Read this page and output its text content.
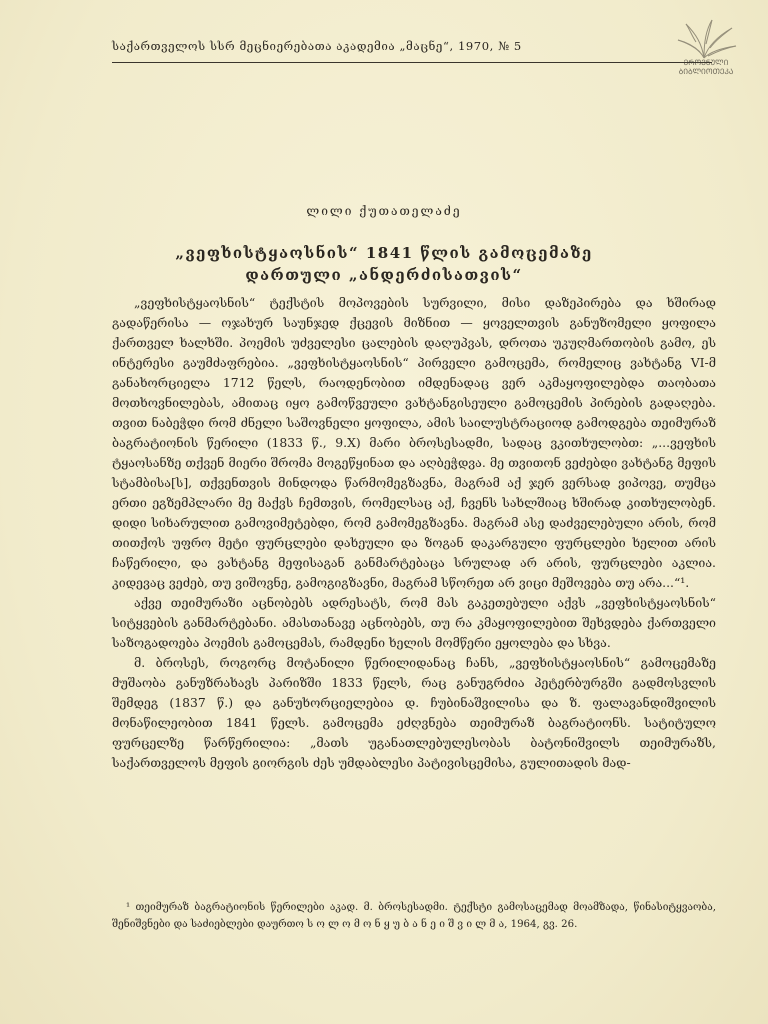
საქართველოს სსრ მეცნიერებათა აკადემია „მაცნე“, 1970, № 5
ᲔᲠᲝᲕᲜᲣᲚᲘ ᲑᲘᲑᲚᲘᲝᲗᲔᲙᲐ
ლილი ქუთათელაძე
„ვეფხისტყაოსნის“ 1841 წლის გამოცემაზე
დართული „ანდერძისათვის“

„ვეფხისტყაოსნის“ ტექსტის მოპოვების სურვილი, მისი დაზეპირება და ხშირად გადაწერისა — ოჯახურ საუნჯედ ქცევის მიზნით — ყოველთვის განუზომელი ყოფილა ქართველ ხალხში. პოემის უძველესი ცალების დაღუპვას, დროთა უკუღმართობის გამო, ეს ინტერესი გაუმძაფრებია. „ვეფხისტყაოსნის“ პირველი გამოცემა, რომელიც ვახტანგ VI-მ განახორციელა 1712 წელს, რაოდენობით იმდენადაც ვერ აკმაყოფილებდა თაობათა მოთხოვნილებას, ამითაც იყო გამოწვეული ვახტანგისეული გამოცემის პირების გადაღება. თვით ნაბეჭდი რომ ძნელი საშოვნელი ყოფილა, ამის საილუსტრაციოდ გამოდგება თეიმურაზ ბაგრატიონის წერილი (1833 წ., 9.X) მარი ბროსესადმი, სადაც ვკითხულობთ: „...ვეფხის ტყაოსანზე თქვენ მიერი შრომა მოგეწყინათ და აღბეჭდვა. მე თვითონ ვეძებდი ვახტანგ მეფის სტამბისა[ს], თქვენთვის მინდოდა წარმომეგზავნა, მაგრამ აქ ჯერ ვერსად ვიპოვე, თუმცა ერთი ეგზემპლარი მე მაქვს ჩემთვის, რომელსაც აქ, ჩვენს სახლშიაც ხშირად კითხულობენ. დიდი სიხარულით გამოვიმეტებდი, რომ გამომეგზავნა. მაგრამ ასე დაძველებული არის, რომ თითქოს უფრო მეტი ფურცლები დახეული და ზოგან დაკარგული ფურცლები ხელით არის ჩაწერილი, და ვახტანგ მეფისაგან განმარტებაცა სრულად არ არის, ფურცლები აკლია. კიდევაც ვეძებ, თუ ვიშოვნე, გამოგიგზავნი, მაგრამ სწორეთ არ ვიცი მეშოვება თუ არა...“¹.

აქვე თეიმურაზი აცნობებს ადრესატს, რომ მას გაკეთებული აქვს „ვეფხისტყაოსნის“ სიტყვების განმარტებანი. ამასთანავე აცნობებს, თუ რა კმაყოფილებით შეხვდება ქართველი საზოგადოება პოემის გამოცემას, რამდენი ხელის მომწერი ეყოლება და სხვა.

მ. ბროსეს, როგორც მოტანილი წერილიდანაც ჩანს, „ვეფხისტყაოსნის“ გამოცემაზე მუშაობა განუზრახავს პარიზში 1833 წელს, რაც განუგრძია პეტერბურგში გადმოსვლის შემდეგ (1837 წ.) და განუხორციელებია დ. ჩუბინაშვილისა და ზ. ფალავანდიშვილის მონაწილეობით 1841 წელს. გამოცემა ეძღვნება თეიმურაზ ბაგრატიონს. სატიტულო ფურცელზე წარწერილია: „მათს უგანათლებულესობას ბატონიშვილს თეიმურაზს, საქართველოს მეფის გიორგის ძეს უმდაბლესი პატივისცემისა, გულითადის მად-

¹ თეიმურაზ ბაგრატიონის წერილები აკად. მ. ბროსესადმი. ტექსტი გამოსაცემად მოამზადა, წინასიტყვაობა, შენიშვნები და საძიებლები დაურთო ს ო ლ ო მ ო ნ ყ უ ბ ა ნ ე ი შ ვ ი ლ მ ა, 1964, გვ. 26.
